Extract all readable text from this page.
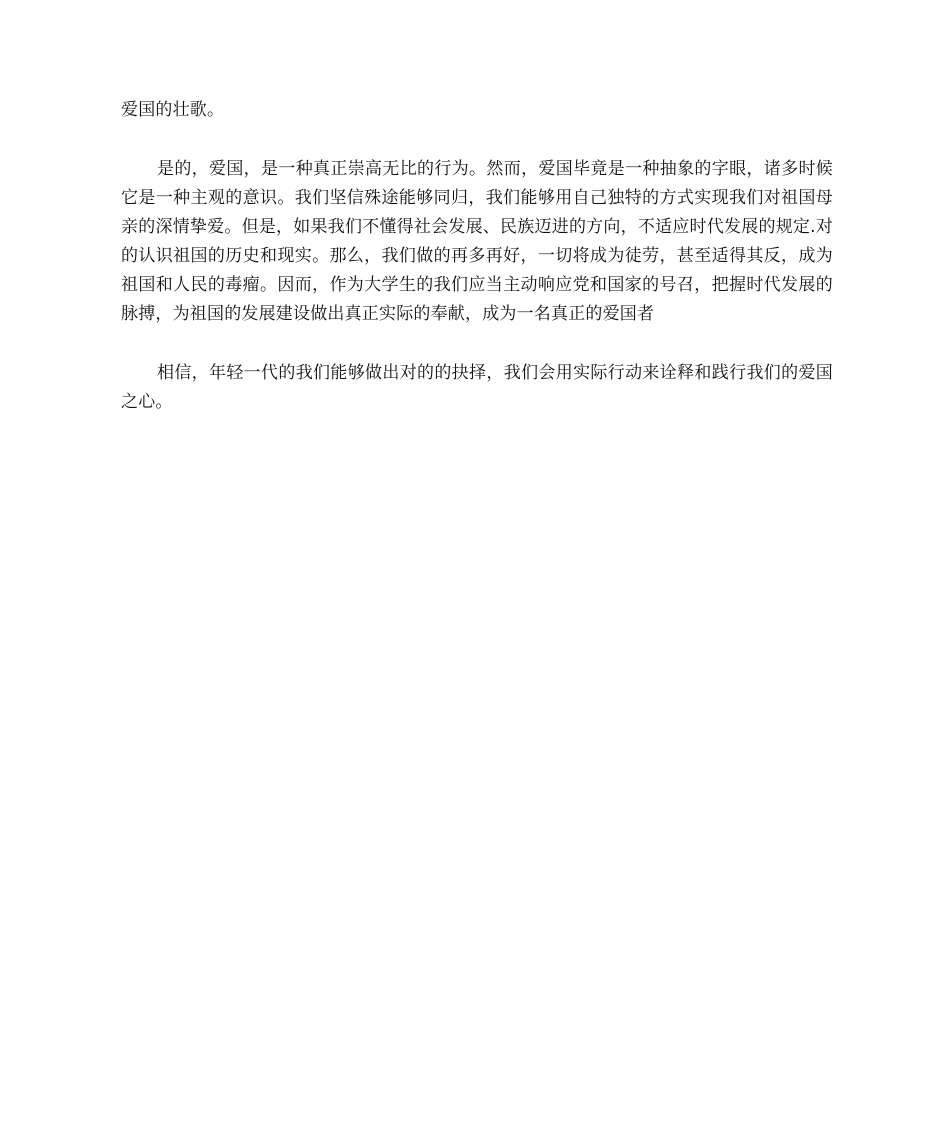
爱国的壮歌。

是的，爱国，是一种真正崇高无比的行为。然而，爱国毕竟是一种抽象的字眼，诸多时候它是一种主观的意识。我们坚信殊途能够同归，我们能够用自己独特的方式实现我们对祖国母亲的深情挚爱。但是，如果我们不懂得社会发展、民族迈进的方向，不适应时代发展的规定.对的认识祖国的历史和现实。那么，我们做的再多再好，一切将成为徒劳，甚至适得其反，成为祖国和人民的毒瘤。因而，作为大学生的我们应当主动响应党和国家的号召，把握时代发展的脉搏，为祖国的发展建设做出真正实际的奉献，成为一名真正的爱国者

相信，年轻一代的我们能够做出对的的抉择，我们会用实际行动来诠释和践行我们的爱国之心。
